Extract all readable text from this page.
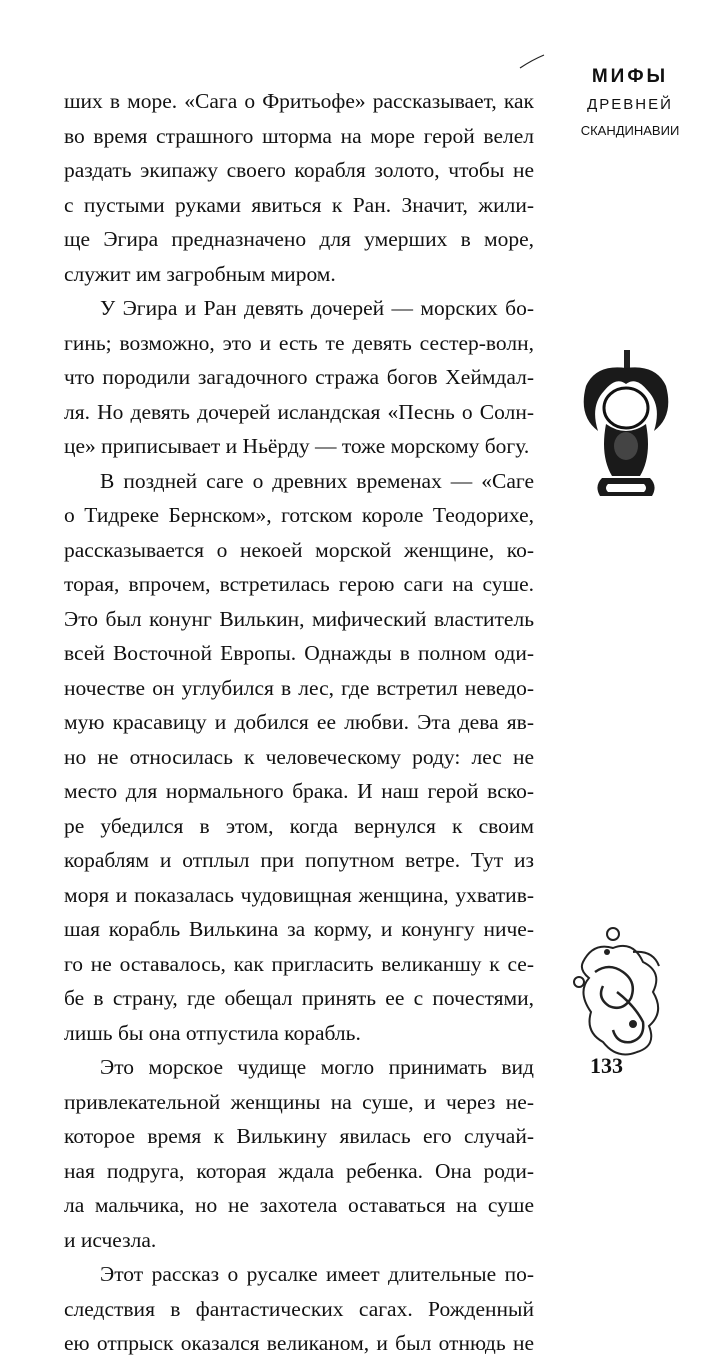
МИФЫ
ДРЕВНЕЙ
СКАНДИНАВИИ
ших в море. «Сага о Фритьофе» рассказывает, как
во время страшного шторма на море герой велел
раздать экипажу своего корабля золото, чтобы не
с пустыми руками явиться к Ран. Значит, жили-
ще Эгира предназначено для умерших в море,
служит им загробным миром.
У Эгира и Ран девять дочерей — морских бо-
гинь; возможно, это и есть те девять сестер-волн,
что породили загадочного стража богов Хеймдал-
ля. Но девять дочерей исландская «Песнь о Солн-
це» приписывает и Ньёрду — тоже морскому богу.
В поздней саге о древних временах — «Саге
о Тидреке Бернском», готском короле Теодорихе,
рассказывается о некоей морской женщине, ко-
торая, впрочем, встретилась герою саги на суше.
Это был конунг Вилькин, мифический властитель
всей Восточной Европы. Однажды в полном оди-
ночестве он углубился в лес, где встретил неведо-
мую красавицу и добился ее любви. Эта дева яв-
но не относилась к человеческому роду: лес не
место для нормального брака. И наш герой вско-
ре убедился в этом, когда вернулся к своим
кораблям и отплыл при попутном ветре. Тут из
моря и показалась чудовищная женщина, ухватив-
шая корабль Вилькина за корму, и конунгу ниче-
го не оставалось, как пригласить великаншу к се-
бе в страну, где обещал принять ее с почестями,
лишь бы она отпустила корабль.
Это морское чудище могло принимать вид
привлекательной женщины на суше, и через не-
которое время к Вилькину явилась его случай-
ная подруга, которая ждала ребенка. Она роди-
ла мальчика, но не захотела оставаться на суше
и исчезла.
Этот рассказ о русалке имеет длительные по-
следствия в фантастических сагах. Рожденный
ею отпрыск оказался великаном, и был отнюдь не
133
